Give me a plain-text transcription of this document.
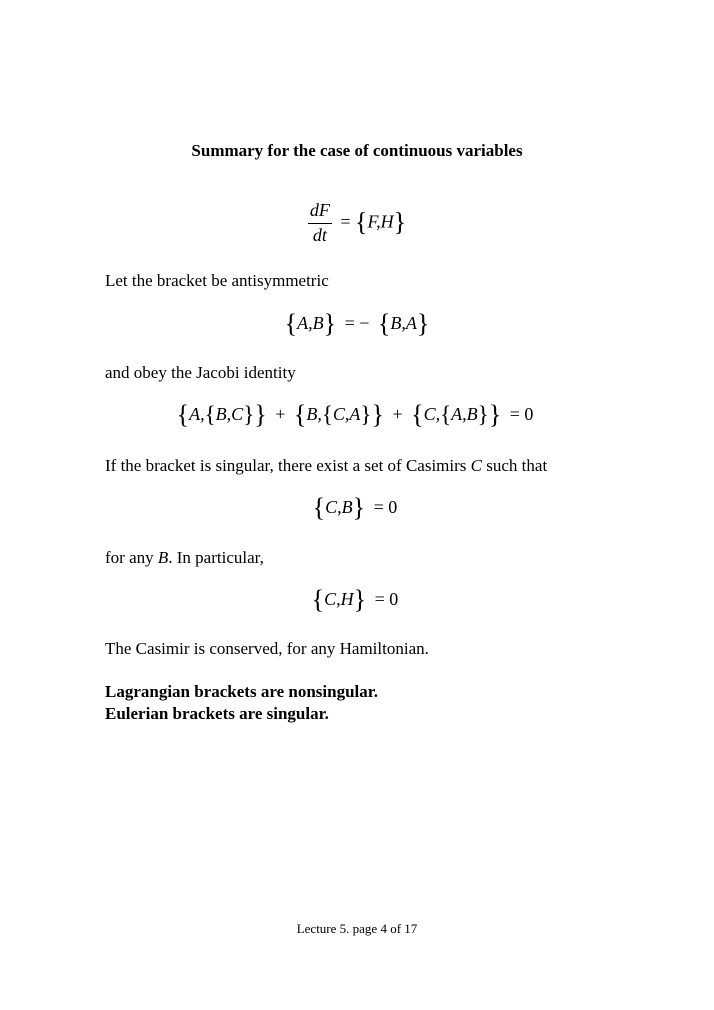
Summary for the case of continuous variables
$\frac{dF}{dt} = \{F,H\}$
Let the bracket be antisymmetric
{A,B} = − {B,A}
and obey the Jacobi identity
{A,{B,C}} + {B,{C,A}} + {C,{A,B}} = 0
If the bracket is singular, there exist a set of Casimirs C such that
{C,B} = 0
for any B. In particular,
{C,H} = 0
The Casimir is conserved, for any Hamiltonian.
Lagrangian brackets are nonsingular.
Eulerian brackets are singular.
Lecture 5. page 4 of 17
